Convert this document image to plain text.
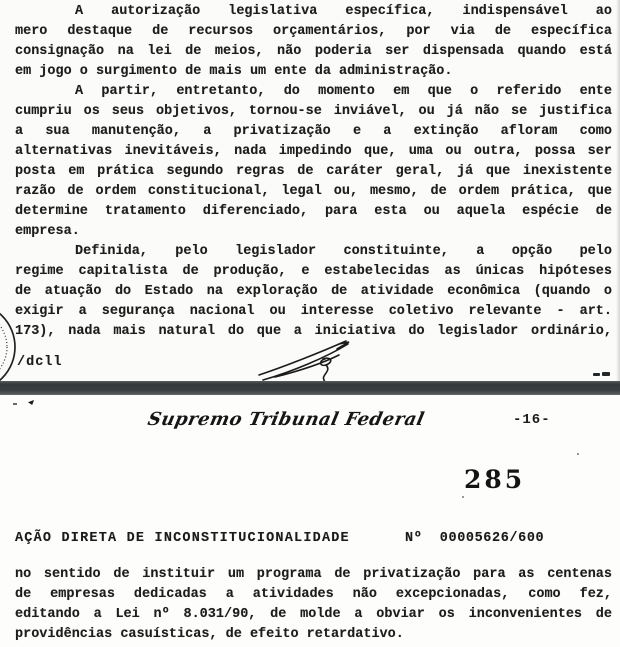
A autorização legislativa específica, indispensável ao
mero destaque de recursos orçamentários, por via de específica
consignação na lei de meios, não poderia ser dispensada quando está
em jogo o surgimento de mais um ente da administração.
A partir, entretanto, do momento em que o referido ente
cumpriu os seus objetivos, tornou-se inviável, ou já não se justifica
a sua manutenção, a privatização e a extinção afloram como
alternativas inevitáveis, nada impedindo que, uma ou outra, possa ser
posta em prática segundo regras de caráter geral, já que inexistente
razão de ordem constitucional, legal ou, mesmo, de ordem prática, que
determine tratamento diferenciado, para esta ou aquela espécie de
empresa.
Definida, pelo legislador constituinte, a opção pelo
regime capitalista de produção, e estabelecidas as únicas hipóteses
de atuação do Estado na exploração de atividade econômica (quando o
exigir a segurança nacional ou interesse coletivo relevante - art.
173), nada mais natural do que a iniciativa do legislador ordinário,
/dcll
Supremo Tribunal Federal	-16-
285
AÇÃO DIRETA DE INCONSTITUCIONALIDADE	Nº  00005626/600
no sentido de instituir um programa de privatização para as centenas
de empresas dedicadas a atividades não excepcionadas, como fez,
editando a Lei nº 8.031/90, de molde a obviar os inconvenientes de
providências casuísticas, de efeito retardativo.
